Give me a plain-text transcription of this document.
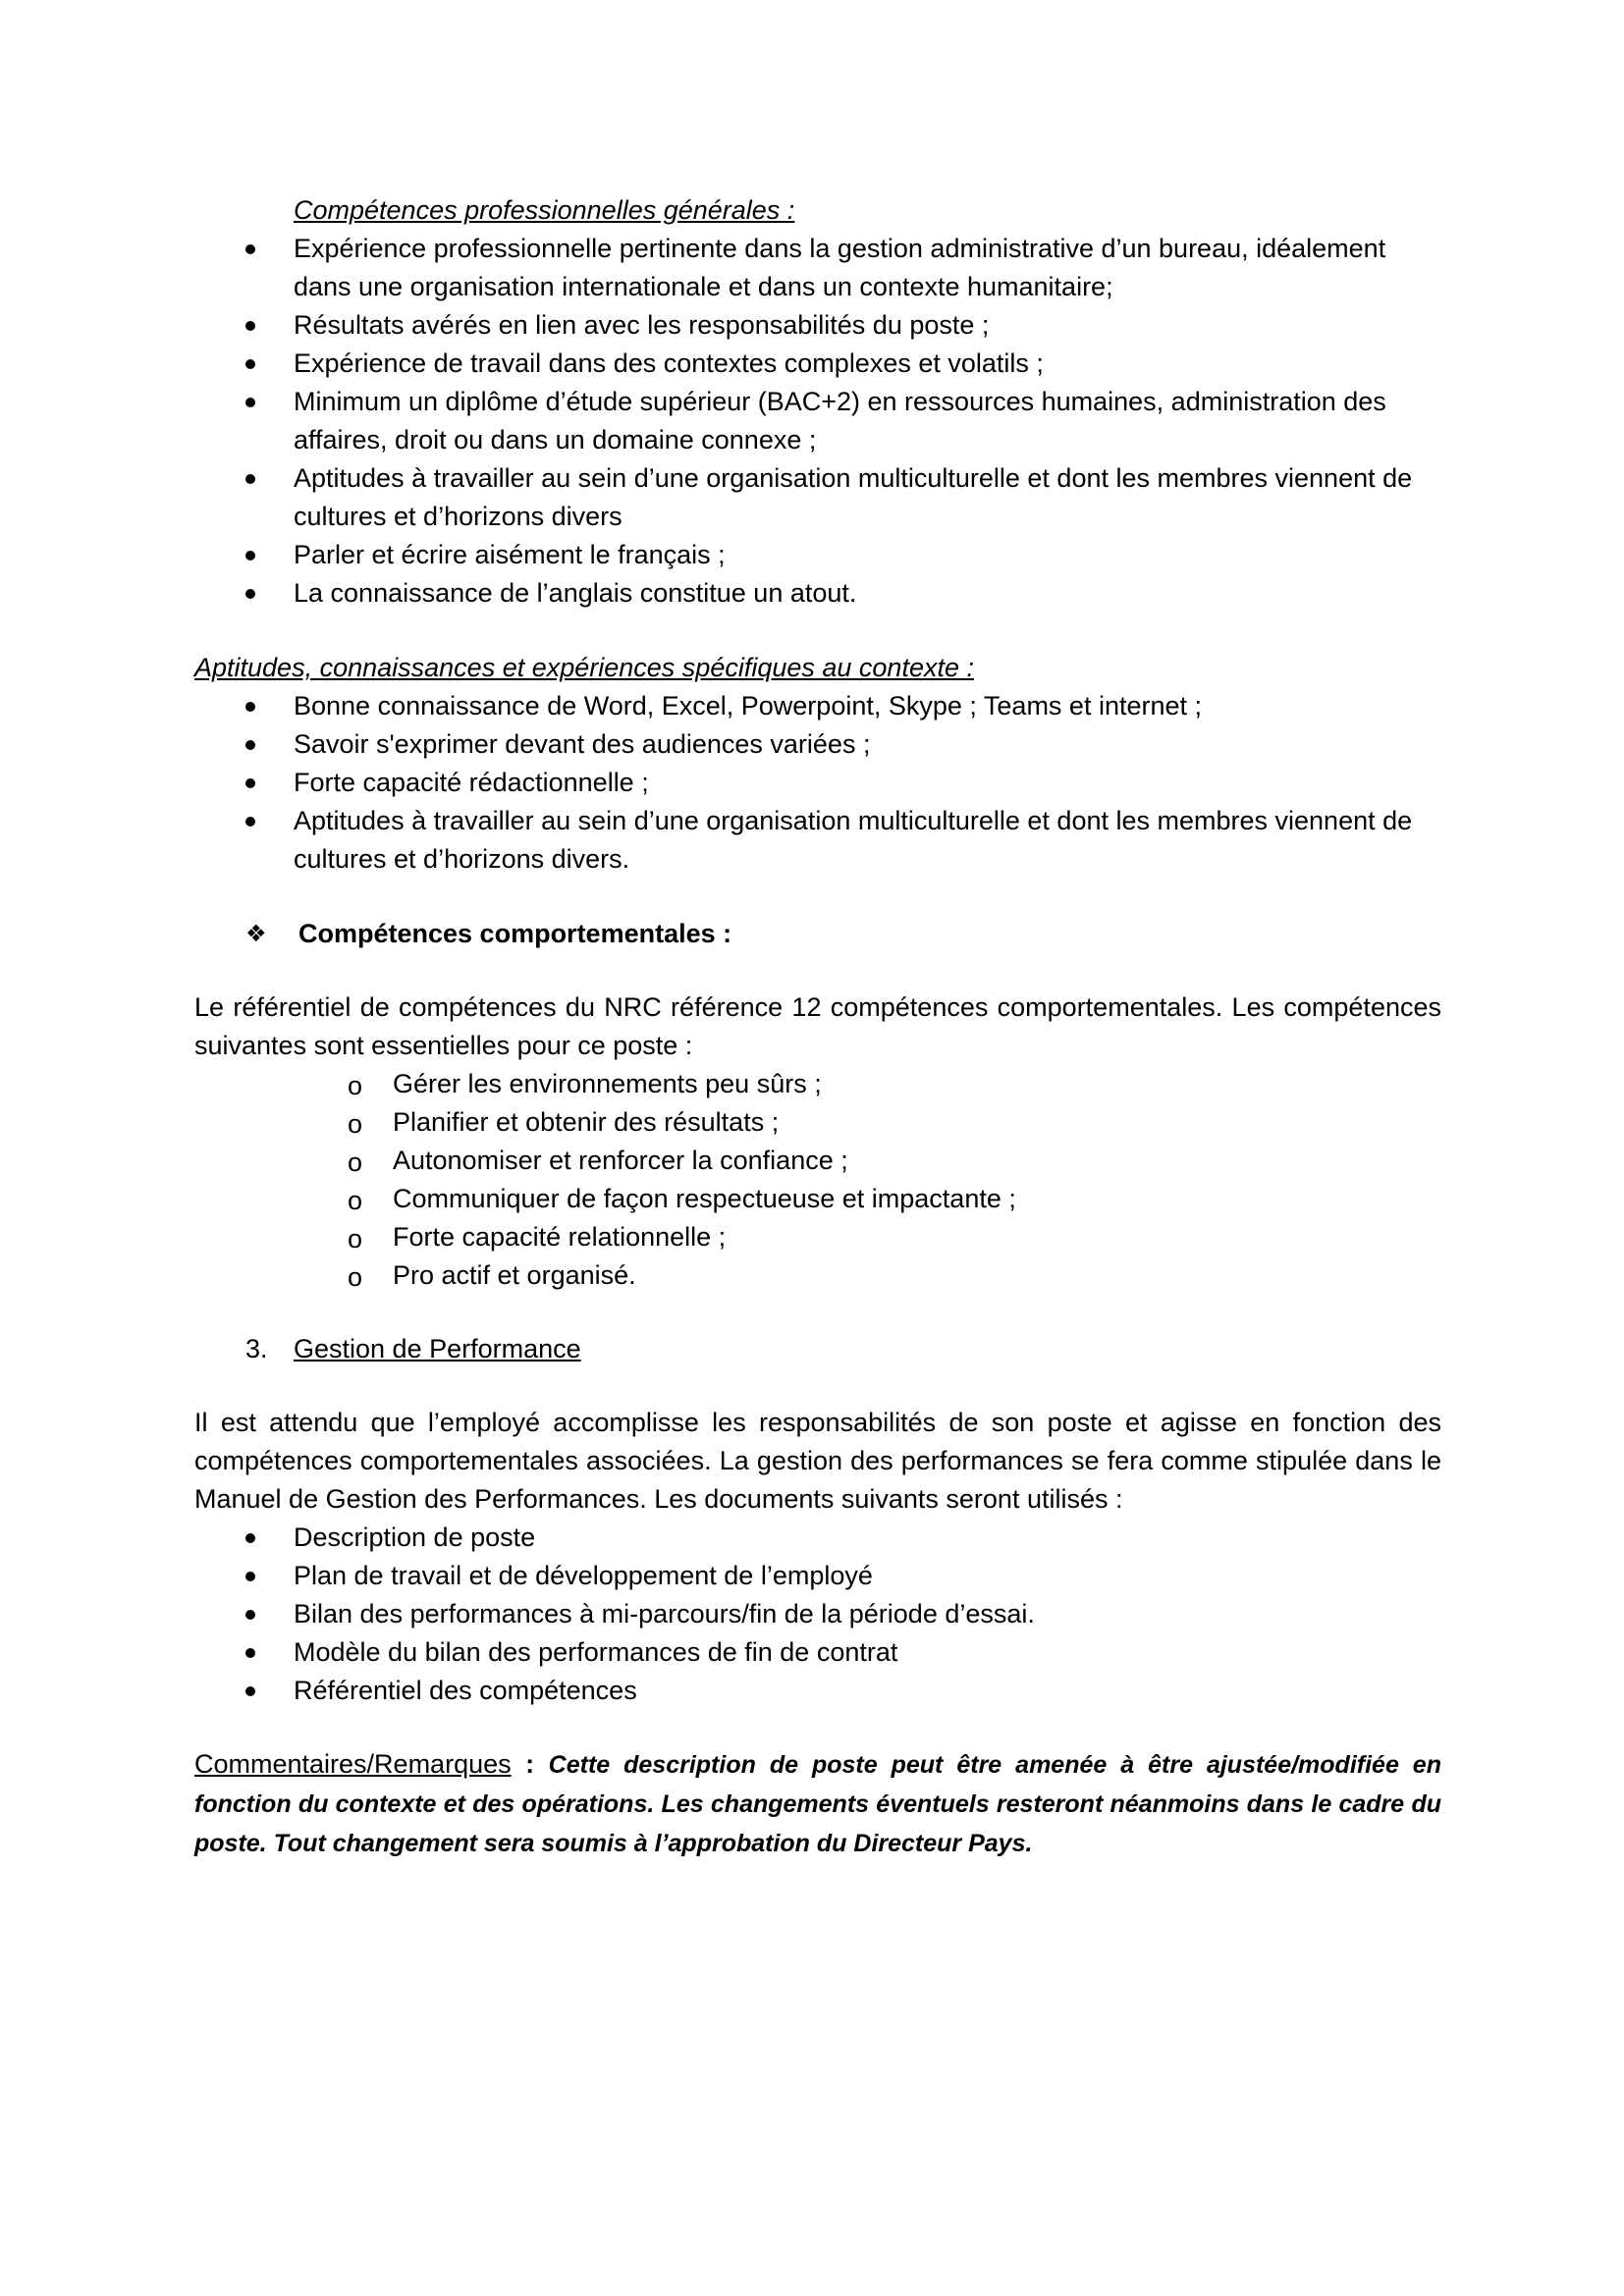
Compétences professionnelles générales :

Expérience professionnelle pertinente dans la gestion administrative d’un bureau, idéalement dans une organisation internationale et dans un contexte humanitaire;
Résultats avérés en lien avec les responsabilités du poste ;
Expérience de travail dans des contextes complexes et volatils ;
Minimum un diplôme d’étude supérieur (BAC+2) en ressources humaines, administration des affaires, droit ou dans un domaine connexe ;
Aptitudes à travailler au sein d’une organisation multiculturelle et dont les membres viennent de cultures et d’horizons divers
Parler et écrire aisément le français ;
La connaissance de l’anglais constitue un atout.

Aptitudes, connaissances et expériences spécifiques au contexte :

Bonne connaissance de Word, Excel, Powerpoint, Skype ; Teams et internet ;
Savoir s'exprimer devant des audiences variées ;
Forte capacité rédactionnelle ;
Aptitudes à travailler au sein d’une organisation multiculturelle et dont les membres viennent de cultures et d’horizons divers.

❖ Compétences comportementales :

Le référentiel de compétences du NRC référence 12 compétences comportementales. Les compétences suivantes sont essentielles pour ce poste :

o Gérer les environnements peu sûrs ;
o Planifier et obtenir des résultats ;
o Autonomiser et renforcer la confiance ;
o Communiquer de façon respectueuse et impactante ;
o Forte capacité relationnelle ;
o Pro actif et organisé.

3. Gestion de Performance

Il est attendu que l’employé accomplisse les responsabilités de son poste et agisse en fonction des compétences comportementales associées. La gestion des performances se fera comme stipulée dans le Manuel de Gestion des Performances. Les documents suivants seront utilisés :

Description de poste
Plan de travail et de développement de l’employé
Bilan des performances à mi-parcours/fin de la période d’essai.
Modèle du bilan des performances de fin de contrat
Référentiel des compétences

Commentaires/Remarques : Cette description de poste peut être amenée à être ajustée/modifiée en fonction du contexte et des opérations. Les changements éventuels resteront néanmoins dans le cadre du poste. Tout changement sera soumis à l’approbation du Directeur Pays.
